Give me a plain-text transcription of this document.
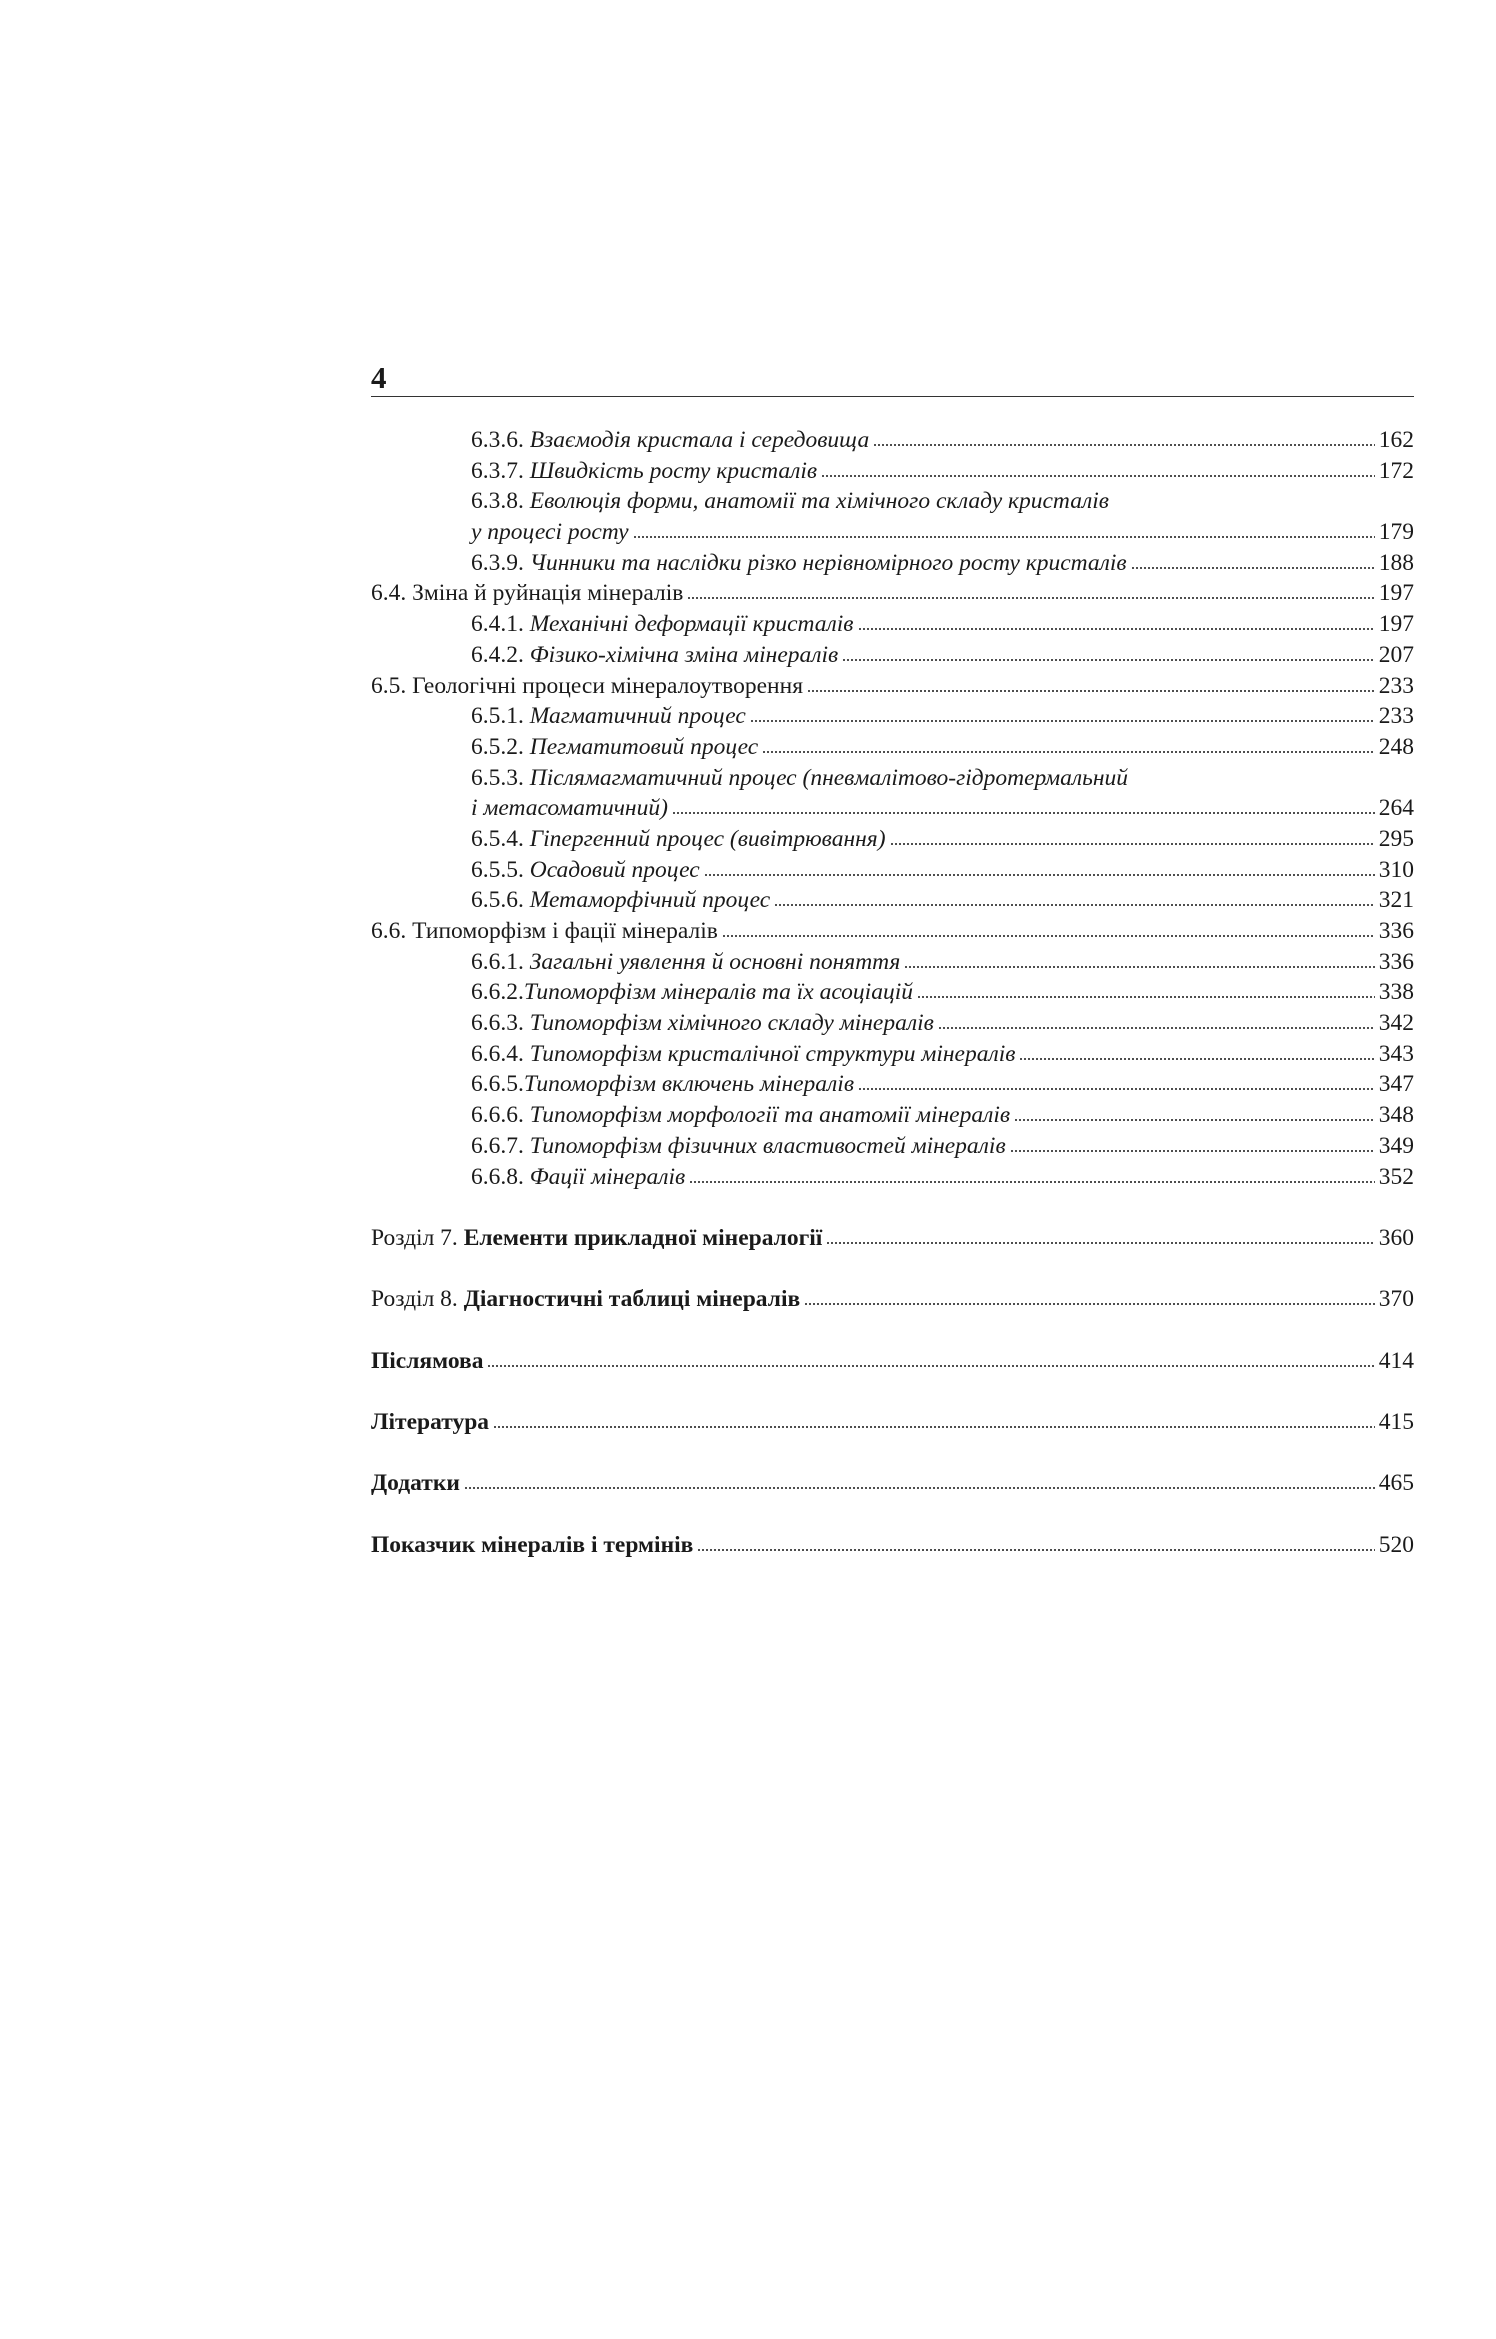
4
6.3.6. Взаємодія кристала і середовища	162
6.3.7. Швидкість росту кристалів	172
6.3.8. Еволюція форми, анатомії та хімічного складу кристалів
у процесі росту	179
6.3.9. Чинники та наслідки різко нерівномірного росту кристалів	188
6.4. Зміна й руйнація мінералів	197
6.4.1. Механічні деформації кристалів	197
6.4.2. Фізико-хімічна зміна мінералів	207
6.5. Геологічні процеси мінералоутворення	233
6.5.1. Магматичний процес	233
6.5.2. Пегматитовий процес	248
6.5.3. Післямагматичний процес (пневмалітово-гідротермальний
і метасоматичний)	264
6.5.4. Гіпергенний процес (вивітрювання)	295
6.5.5. Осадовий процес	310
6.5.6. Метаморфічний процес	321
6.6. Типоморфізм і фації мінералів	336
6.6.1. Загальні уявлення й основні поняття	336
6.6.2.Типоморфізм мінералів та їх асоціацій	338
6.6.3. Типоморфізм хімічного складу мінералів	342
6.6.4. Типоморфізм кристалічної структури мінералів	343
6.6.5.Типоморфізм включень мінералів	347
6.6.6. Типоморфізм морфології та анатомії мінералів	348
6.6.7. Типоморфізм фізичних властивостей мінералів	349
6.6.8. Фації мінералів	352
Розділ 7. Елементи прикладної мінералогії	360
Розділ 8. Діагностичні таблиці мінералів	370
Післямова	414
Література	415
Додатки	465
Показчик мінералів і термінів	520
